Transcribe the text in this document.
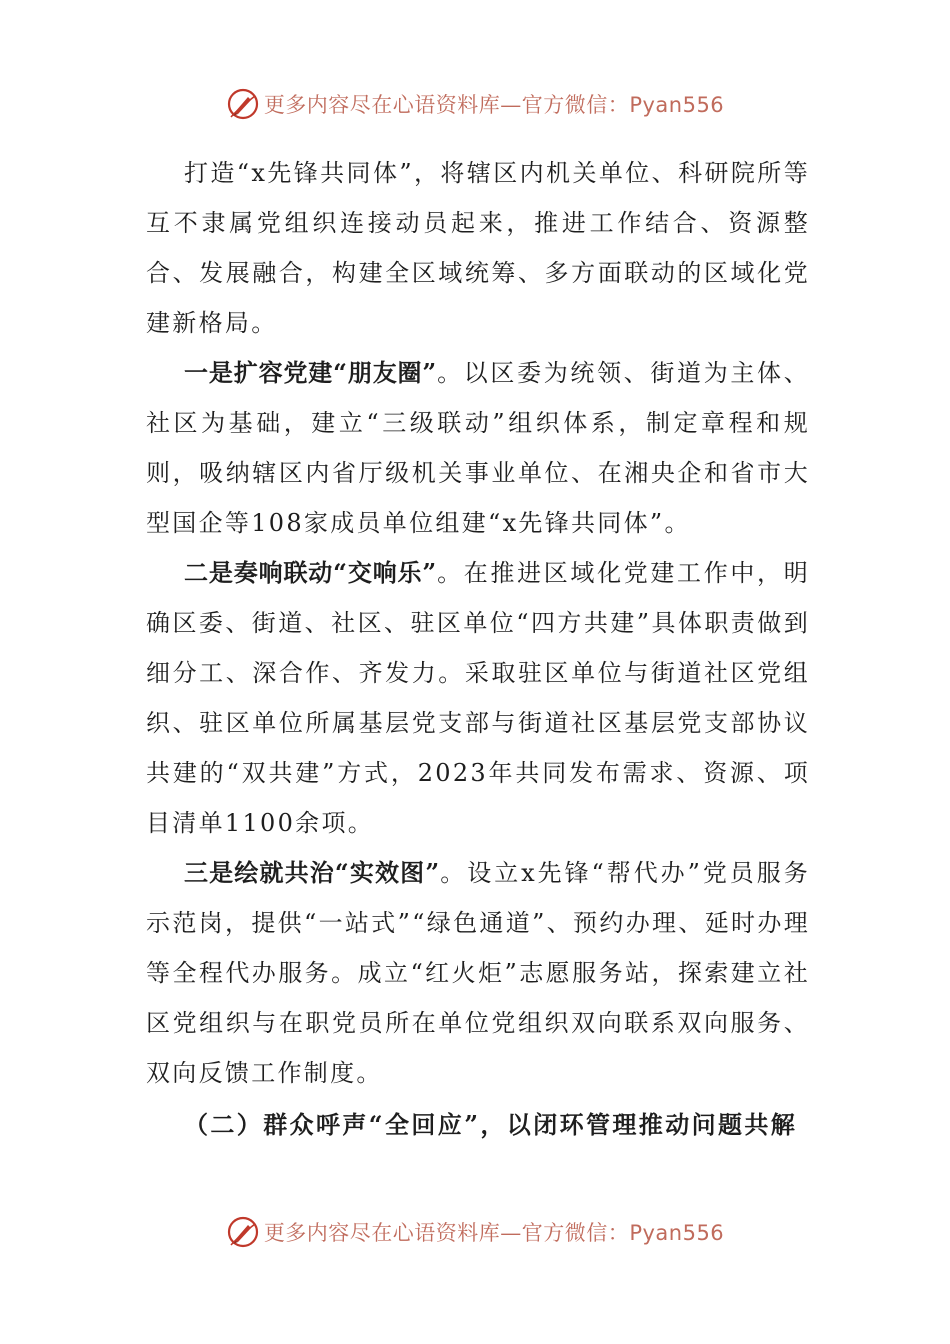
更多内容尽在心语资料库—官方微信：Pyan556

打造“x先锋共同体”，将辖区内机关单位、科研院所等互不隶属党组织连接动员起来，推进工作结合、资源整合、发展融合，构建全区域统筹、多方面联动的区域化党建新格局。

一是扩容党建“朋友圈”。以区委为统领、街道为主体、社区为基础，建立“三级联动”组织体系，制定章程和规则，吸纳辖区内省厅级机关事业单位、在湘央企和省市大型国企等108家成员单位组建“x先锋共同体”。

二是奏响联动“交响乐”。在推进区域化党建工作中，明确区委、街道、社区、驻区单位“四方共建”具体职责做到细分工、深合作、齐发力。采取驻区单位与街道社区党组织、驻区单位所属基层党支部与街道社区基层党支部协议共建的“双共建”方式，2023年共同发布需求、资源、项目清单1100余项。

三是绘就共治“实效图”。设立x先锋“帮代办”党员服务示范岗，提供“一站式”“绿色通道”、预约办理、延时办理等全程代办服务。成立“红火炬”志愿服务站，探索建立社区党组织与在职党员所在单位党组织双向联系双向服务、双向反馈工作制度。

（二）群众呼声“全回应”，以闭环管理推动问题共解

更多内容尽在心语资料库—官方微信：Pyan556
